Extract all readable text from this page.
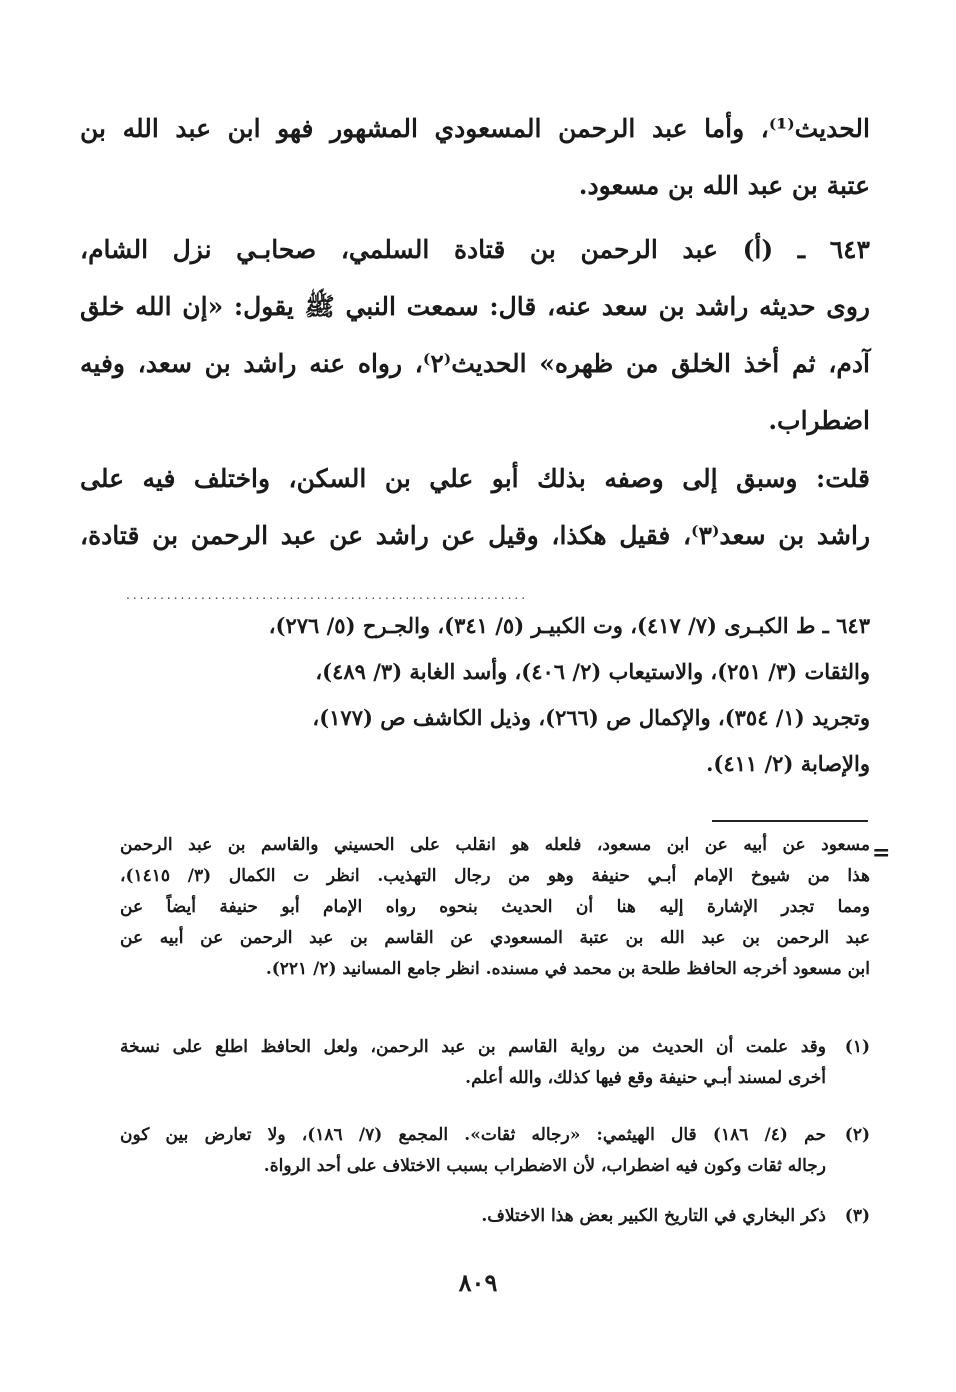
الحديث⁽¹⁾، وأما عبد الرحمن المسعودي المشهور فهو ابن عبد الله بن
عتبة بن عبد الله بن مسعود.

٦٤٣ ـ (أ) عبد الرحمن بن قتادة السلمي، صحابـي نزل الشام،
روى حديثه راشد بن سعد عنه، قال: سمعت النبي ﷺ يقول: «إن الله خلق
آدم، ثم أخذ الخلق من ظهره» الحديث⁽٢⁾، رواه عنه راشد بن سعد، وفيه
اضطراب.

قلت: وسبق إلى وصفه بذلك أبو علي بن السكن، واختلف فيه على
راشد بن سعد⁽٣⁾، فقيل هكذا، وقيل عن راشد عن عبد الرحمن بن قتادة،

...........................................................
٦٤٣ ـ ط الكبـرى (٧/ ٤١٧)، وت الكبيـر (٥/ ٣٤١)، والجـرح (٥/ ٢٧٦)،
والثقات (٣/ ٢٥١)، والاستيعاب (٢/ ٤٠٦)، وأسد الغابة (٣/ ٤٨٩)،
وتجريد (١/ ٣٥٤)، والإكمال ص (٢٦٦)، وذيل الكاشف ص (١٧٧)،
والإصابة (٢/ ٤١١).
=
مسعود عن أبيه عن ابن مسعود، فلعله هو انقلب على الحسيني والقاسم بن عبد الرحمن
هذا من شيوخ الإمام أبـي حنيفة وهو من رجال التهذيب. انظر ت الكمال (٣/ ١٤١٥)،
ومما تجدر الإشارة إليه هنا أن الحديث بنحوه رواه الإمام أبو حنيفة أيضاً عن
عبد الرحمن بن عبد الله بن عتبة المسعودي عن القاسم بن عبد الرحمن عن أبيه عن
ابن مسعود أخرجه الحافظ طلحة بن محمد في مسنده. انظر جامع المسانيد (٢/ ٢٢١).
(١)
وقد علمت أن الحديث من رواية القاسم بن عبد الرحمن، ولعل الحافظ اطلع على نسخة
أخرى لمسند أبـي حنيفة وقع فيها كذلك، والله أعلم.
(٢)
حم (٤/ ١٨٦) قال الهيثمي: «رجاله ثقات». المجمع (٧/ ١٨٦)، ولا تعارض بين كون
رجاله ثقات وكون فيه اضطراب، لأن الاضطراب بسبب الاختلاف على أحد الرواة.
(٣)
ذكر البخاري في التاريخ الكبير بعض هذا الاختلاف.
٨٠٩
